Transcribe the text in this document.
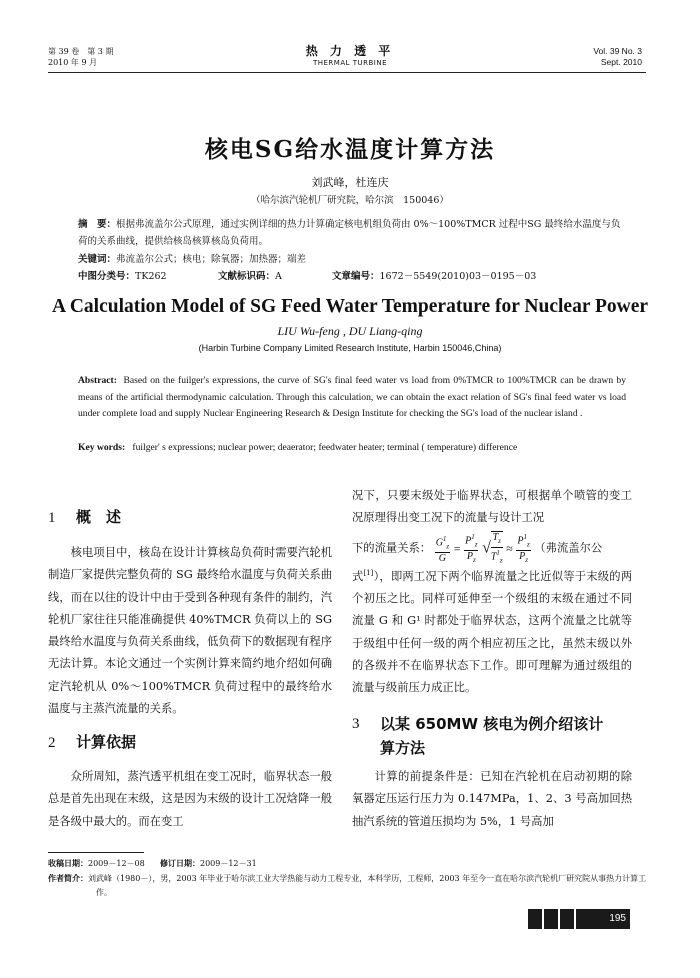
第 39 卷　第 3 期
2010 年 9 月
热 力 透 平
THERMAL TURBINE
Vol. 39 No. 3
Sept. 2010
核电SG给水温度计算方法
刘武峰，杜连庆
（哈尔滨汽轮机厂研究院，哈尔滨　150046）
摘　要：根据弗流盖尔公式原理，通过实例详细的热力计算确定核电机组负荷由 0%～100%TMCR 过程中SG 最终给水温度与负荷的关系曲线，提供给核岛核算核岛负荷用。
关键词：弗流盖尔公式；核电；除氧器；加热器；端差
中图分类号：TK262	文献标识码：A	文章编号：1672－5549(2010)03－0195－03
A Calculation Model of SG Feed Water Temperature for Nuclear Power
LIU Wu-feng , DU Liang-qing
(Harbin Turbine Company Limited Research Institute, Harbin 150046,China)
Abstract: Based on the fuilger's expressions, the curve of SG's final feed water vs load from 0%TMCR to 100%TMCR can be drawn by means of the artificial thermodynamic calculation. Through this calculation, we can obtain the exact relation of SG's final feed water vs load under complete load and supply Nuclear Engineering Research & Design Institute for checking the SG's load of the nuclear island .
Key words: fuilger' s expressions; nuclear power; deaerator; feedwater heater; terminal ( temperature) difference
1 概　述
核电项目中，核岛在设计计算核岛负荷时需要汽轮机制造厂家提供完整负荷的 SG 最终给水温度与负荷关系曲线，而在以往的设计中由于受到各种现有条件的制约，汽轮机厂家往往只能准确提供 40%TMCR 负荷以上的 SG 最终给水温度与负荷关系曲线，低负荷下的数据现有程序无法计算。本论文通过一个实例计算来简约地介绍如何确定汽轮机从 0%～100%TMCR 负荷过程中的最终给水温度与主蒸汽流量的关系。
2 计算依据
众所周知，蒸汽透平机组在变工况时，临界状态一般总是首先出现在末级，这是因为末级的设计工况焓降一般是各级中最大的。而在变工
况下，只要末级处于临界状态，可根据单个喷管的变工况原理得出变工况下的流量与设计工况
下的流量关系： $\frac{G^1_z}{G} = \frac{P^1_z}{P_z}$ √ $\frac{T_z}{T^1_z} \approx \frac{P^1_z}{P_z}$ （弗流盖尔公
式[1]），即两工况下两个临界流量之比近似等于末级的两个初压之比。同样可延伸至一个级组的末级在通过不同流量 G 和 G¹ 时都处于临界状态，这两个流量之比就等于级组中任何一级的两个相应初压之比，虽然末级以外的各级并不在临界状态下工作。即可理解为通过级组的流量与级前压力成正比。
3 以某 650MW 核电为例介绍该计
算方法
计算的前提条件是：已知在汽轮机在启动初期的除氧器定压运行压力为 0.147MPa，1、2、3 号高加回热抽汽系统的管道压损均为 5%，1 号高加
收稿日期：2009－12－08 修订日期：2009－12－31
作者简介：刘武峰（1980－），男，2003 年毕业于哈尔滨工业大学热能与动力工程专业，本科学历，工程师，2003 年至今一直在哈尔滨汽轮机厂研究院从事热力计算工作。
195
